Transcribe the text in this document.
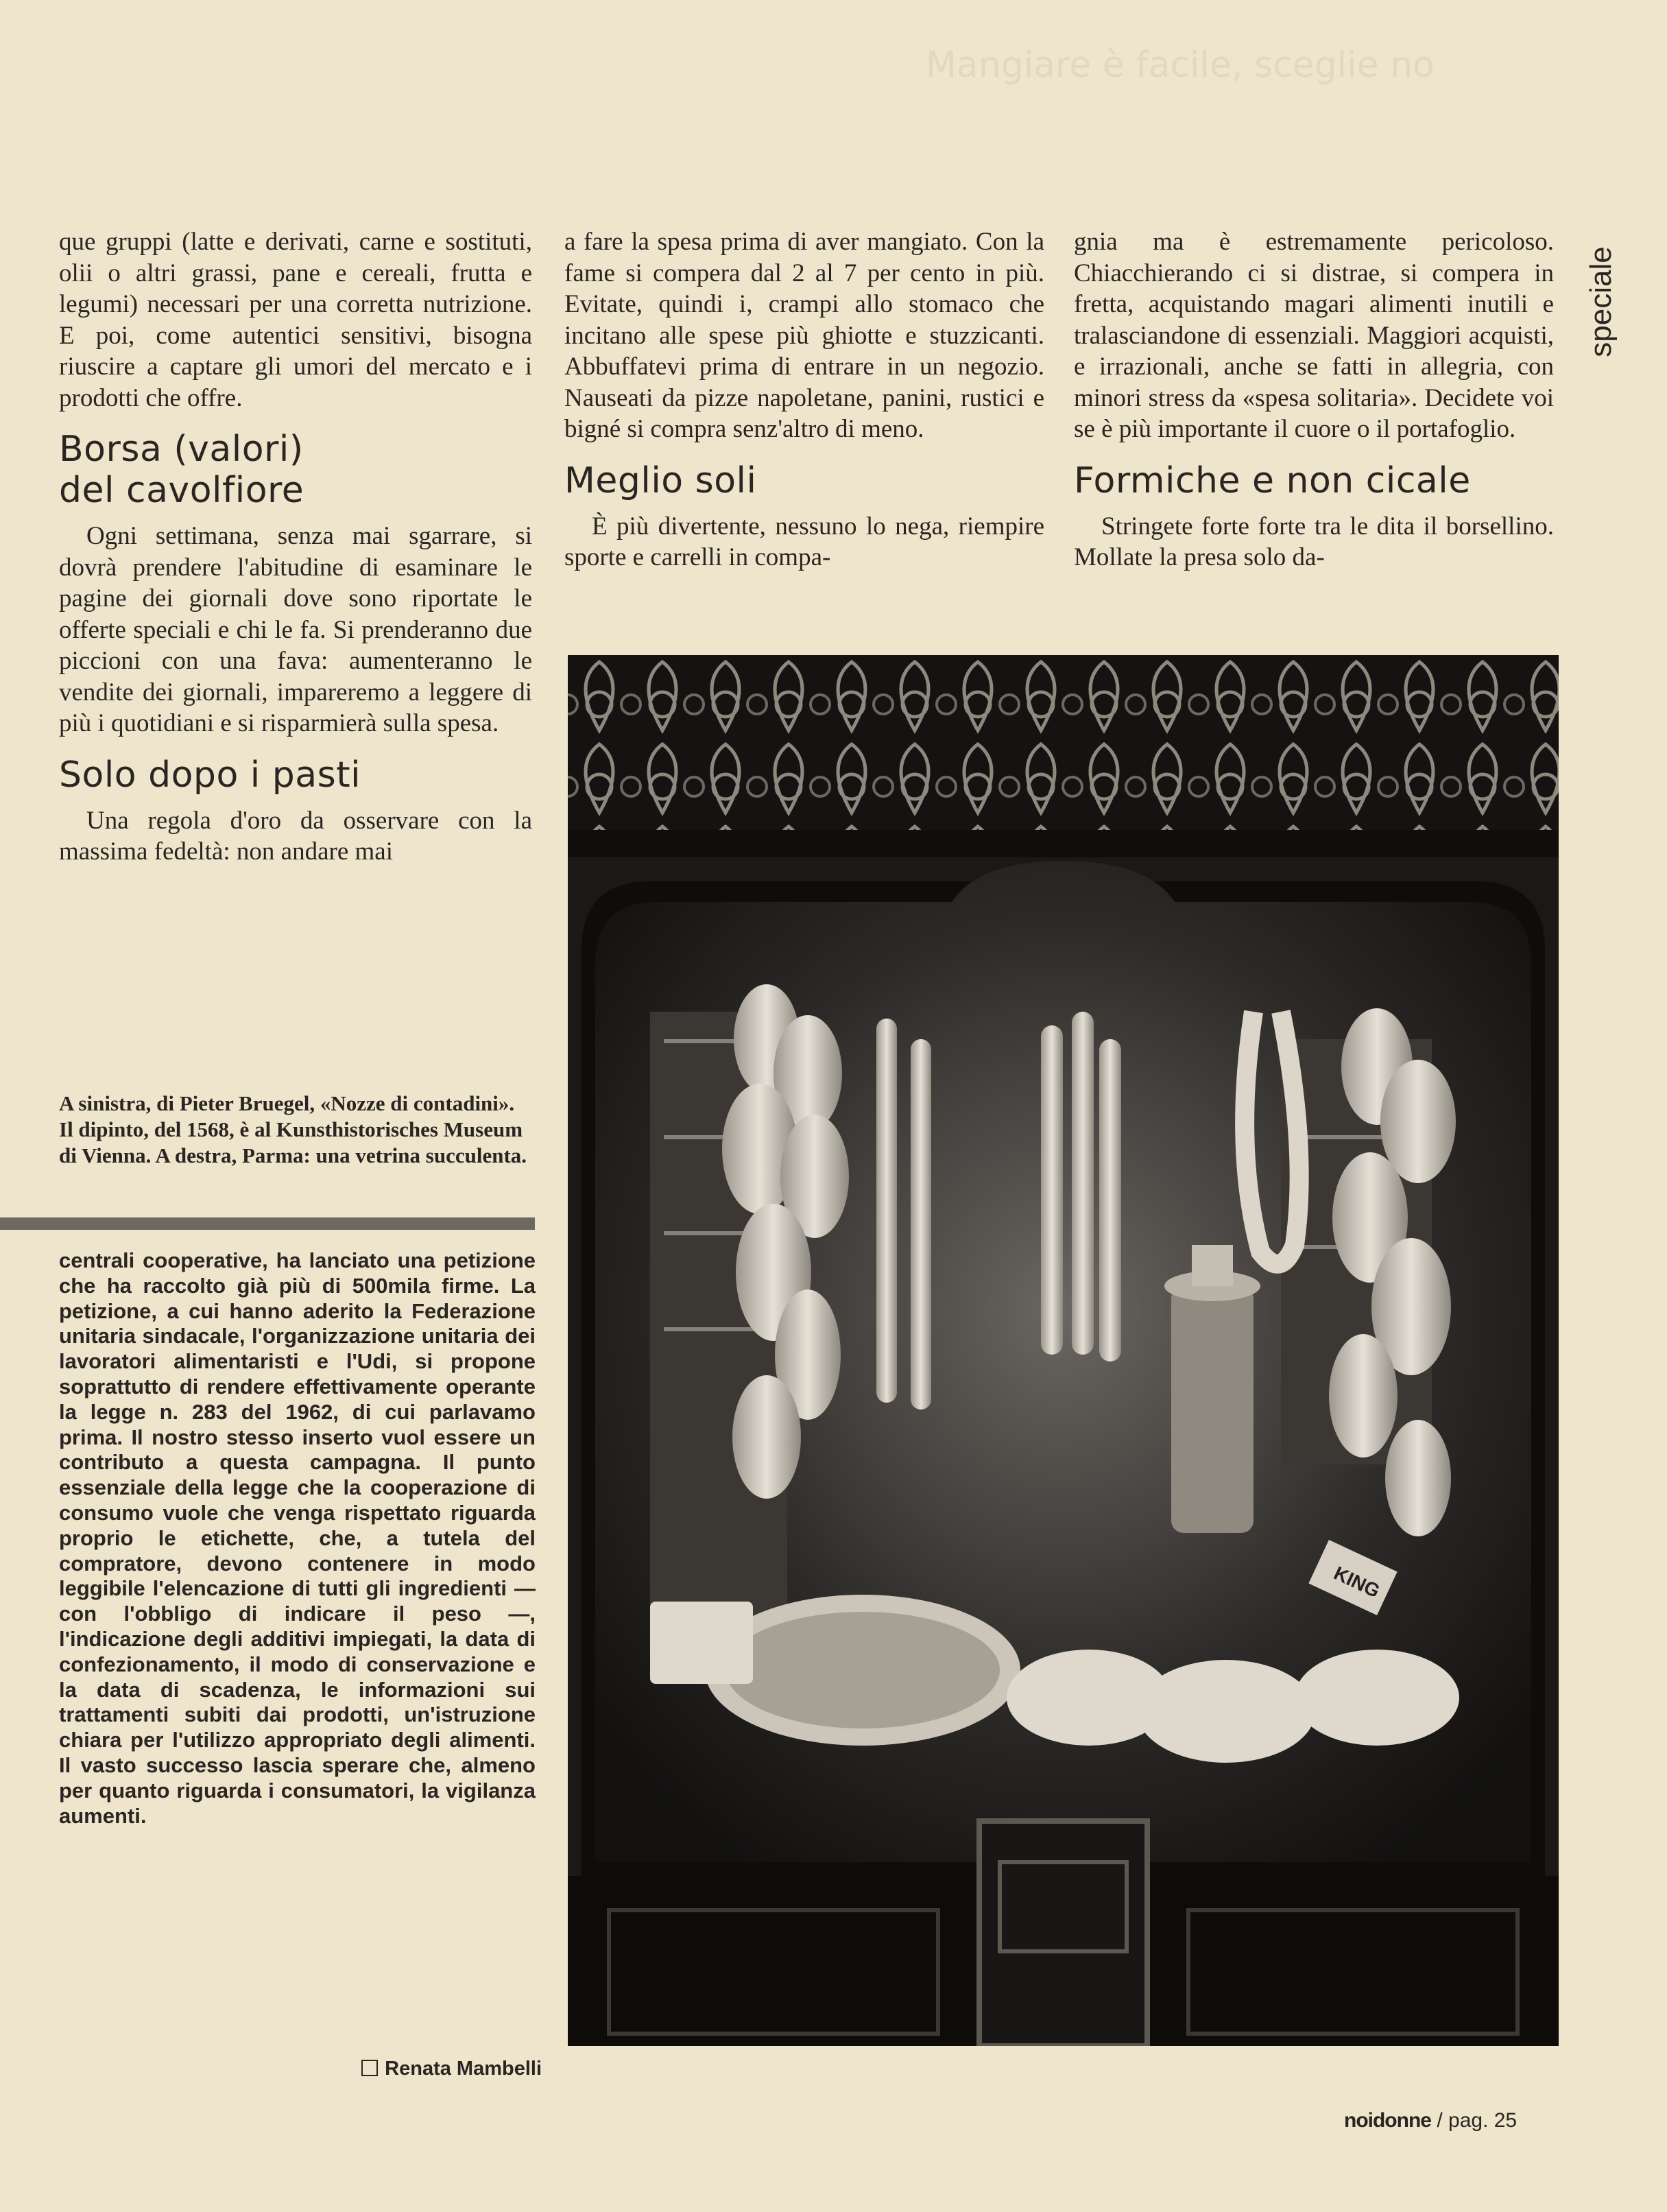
Mangiare è facile, sceglie no

que gruppi (latte e derivati, carne e sostituti, olii o altri grassi, pane e cereali, frutta e legumi) necessari per una corretta nutrizione. E poi, come autentici sensitivi, bisogna riuscire a captare gli umori del mercato e i prodotti che offre.

Borsa (valori) del cavolfiore

Ogni settimana, senza mai sgarrare, si dovrà prendere l'abitudine di esaminare le pagine dei giornali dove sono riportate le offerte speciali e chi le fa. Si prenderanno due piccioni con una fava: aumenteranno le vendite dei giornali, impareremo a leggere di più i quotidiani e si risparmierà sulla spesa.

Solo dopo i pasti

Una regola d'oro da osservare con la massima fedeltà: non andare mai

a fare la spesa prima di aver mangiato. Con la fame si compera dal 2 al 7 per cento in più. Evitate, quindi i, crampi allo stomaco che incitano alle spese più ghiotte e stuzzicanti. Abbuffatevi prima di entrare in un negozio. Nauseati da pizze napoletane, panini, rustici e bigné si compra senz'altro di meno.

Meglio soli

È più divertente, nessuno lo nega, riempire sporte e carrelli in compa-

gnia ma è estremamente pericoloso. Chiacchierando ci si distrae, si compera in fretta, acquistando magari alimenti inutili e tralasciandone di essenziali. Maggiori acquisti, e irrazionali, anche se fatti in allegria, con minori stress da «spesa solitaria». Decidete voi se è più importante il cuore o il portafoglio.

Formiche e non cicale

Stringete forte forte tra le dita il borsellino. Mollate la presa solo da-

speciale
A sinistra, di Pieter Bruegel, «Nozze di contadini». Il dipinto, del 1568, è al Kunsthistorisches Museum di Vienna. A destra, Parma: una vetrina succulenta.
centrali cooperative, ha lanciato una petizione che ha raccolto già più di 500mila firme. La petizione, a cui hanno aderito la Federazione unitaria sindacale, l'organizzazione unitaria dei lavoratori alimentaristi e l'Udi, si propone soprattutto di rendere effettivamente operante la legge n. 283 del 1962, di cui parlavamo prima. Il nostro stesso inserto vuol essere un contributo a questa campagna. Il punto essenziale della legge che la cooperazione di consumo vuole che venga rispettato riguarda proprio le etichette, che, a tutela del compratore, devono contenere in modo leggibile l'elencazione di tutti gli ingredienti — con l'obbligo di indicare il peso —, l'indicazione degli additivi impiegati, la data di confezionamento, il modo di conservazione e la data di scadenza, le informazioni sui trattamenti subiti dai prodotti, un'istruzione chiara per l'utilizzo appropriato degli alimenti. Il vasto successo lascia sperare che, almeno per quanto riguarda i consumatori, la vigilanza aumenti.
Renata Mambelli
KING
noidonne / pag. 25
